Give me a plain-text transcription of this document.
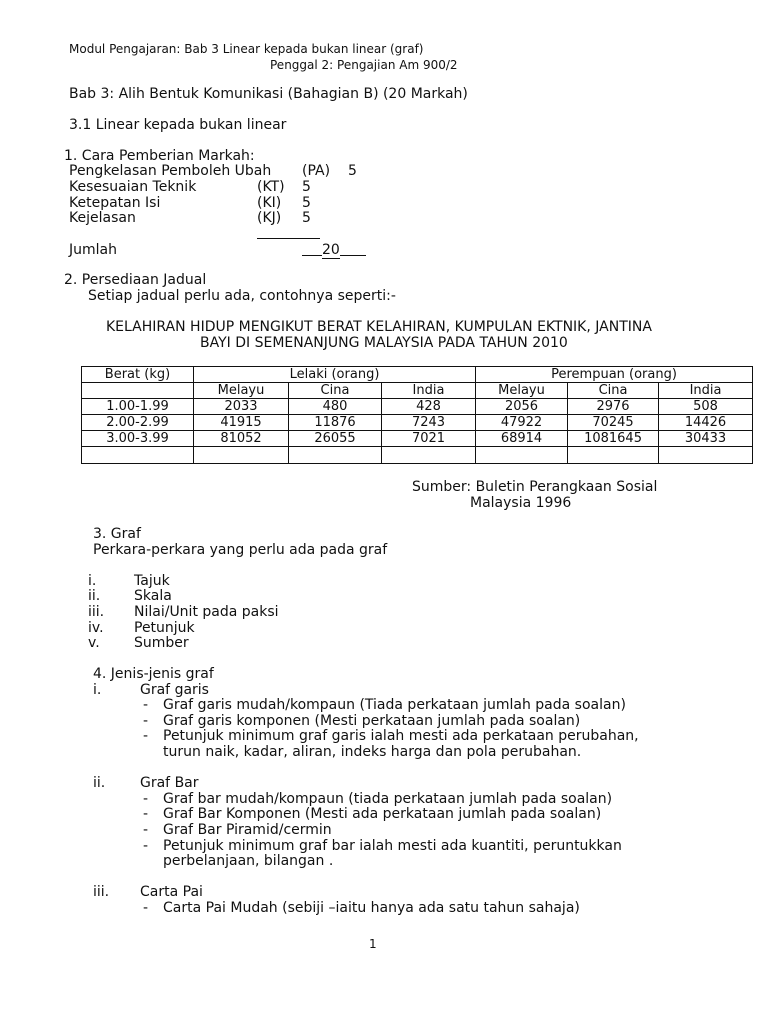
Modul Pengajaran: Bab 3 Linear kepada bukan linear (graf)
Penggal 2: Pengajian Am 900/2
Bab 3: Alih Bentuk Komunikasi (Bahagian B) (20 Markah)
3.1 Linear kepada bukan linear
1. Cara Pemberian Markah:
Pengkelasan Pemboleh Ubah (PA) 5
Kesesuaian Teknik	(KT) 5
Ketepatan Isi	(KI) 5
Kejelasan	(KJ) 5
Jumlah	20
2. Persediaan Jadual
Setiap jadual perlu ada, contohnya seperti:-
KELAHIRAN HIDUP MENGIKUT BERAT KELAHIRAN, KUMPULAN EKTNIK, JANTINA
BAYI DI SEMENANJUNG MALAYSIA PADA TAHUN 2010
Berat (kg)	Lelaki (orang)			Perempuan (orang)		
	Melayu	Cina	India	Melayu	Cina	India
1.00-1.99	2033	480	428	2056	2976	508
2.00-2.99	41915	11876	7243	47922	70245	14426
3.00-3.99	81052	26055	7021	68914	1081645	30433

Sumber: Buletin Perangkaan Sosial
Malaysia 1996
3. Graf
Perkara-perkara yang perlu ada pada graf
i.	Tajuk
ii. Skala
iii. Nilai/Unit pada paksi
iv. Petunjuk
v. Sumber
4. Jenis-jenis graf
i.	Graf garis
- Graf garis mudah/kompaun (Tiada perkataan jumlah pada soalan)
- Graf garis komponen (Mesti perkataan jumlah pada soalan)
- Petunjuk minimum graf garis ialah mesti ada perkataan perubahan,
turun naik, kadar, aliran, indeks harga dan pola perubahan.
ii. Graf Bar
- Graf bar mudah/kompaun (tiada perkataan jumlah pada soalan)
- Graf Bar Komponen (Mesti ada perkataan jumlah pada soalan)
- Graf Bar Piramid/cermin
- Petunjuk minimum graf bar ialah mesti ada kuantiti, peruntukkan
perbelanjaan, bilangan .
iii. Carta Pai
- Carta Pai Mudah (sebiji –iaitu hanya ada satu tahun sahaja)
1
